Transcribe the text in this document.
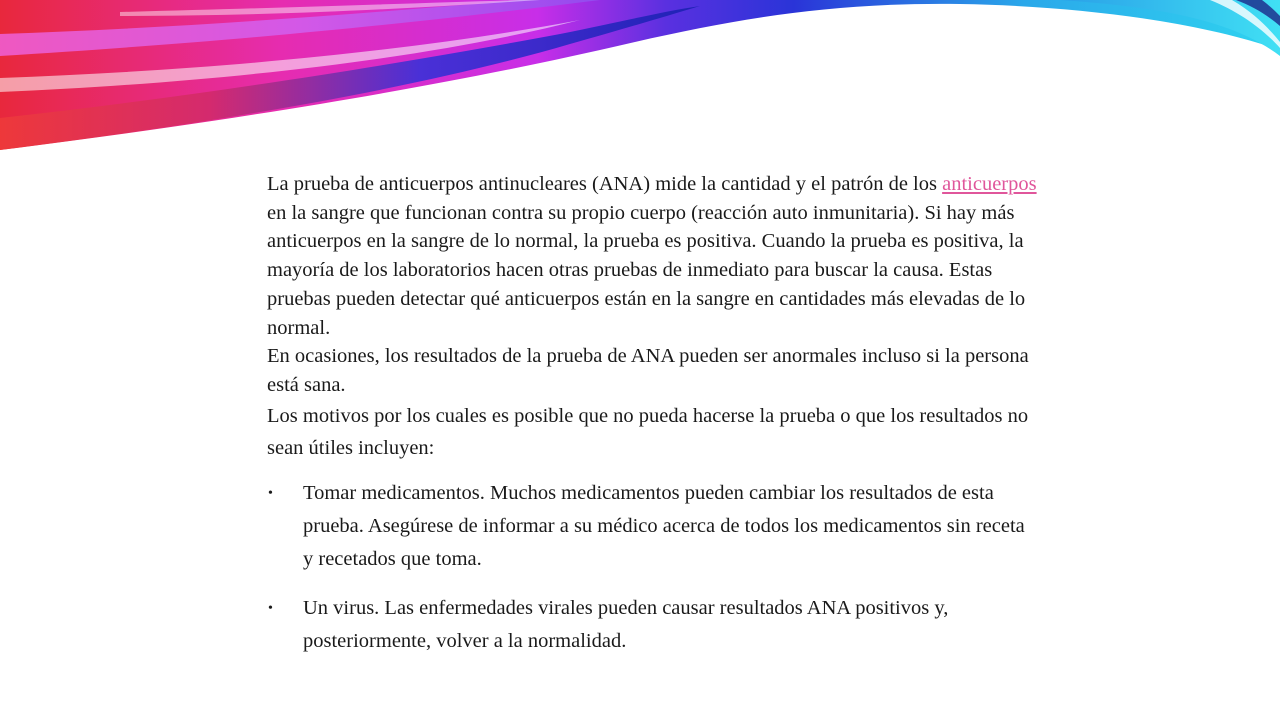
La prueba de anticuerpos antinucleares (ANA) mide la cantidad y el patrón de los anticuerpos en la sangre que funcionan contra su propio cuerpo (reacción auto inmunitaria). Si hay más anticuerpos en la sangre de lo normal, la prueba es positiva. Cuando la prueba es positiva, la mayoría de los laboratorios hacen otras pruebas de inmediato para buscar la causa. Estas pruebas pueden detectar qué anticuerpos están en la sangre en cantidades más elevadas de lo normal.

En ocasiones, los resultados de la prueba de ANA pueden ser anormales incluso si la persona está sana.

Los motivos por los cuales es posible que no pueda hacerse la prueba o que los resultados no sean útiles incluyen:

• Tomar medicamentos. Muchos medicamentos pueden cambiar los resultados de esta prueba. Asegúrese de informar a su médico acerca de todos los medicamentos sin receta y recetados que toma.
• Un virus. Las enfermedades virales pueden causar resultados ANA positivos y, posteriormente, volver a la normalidad.
